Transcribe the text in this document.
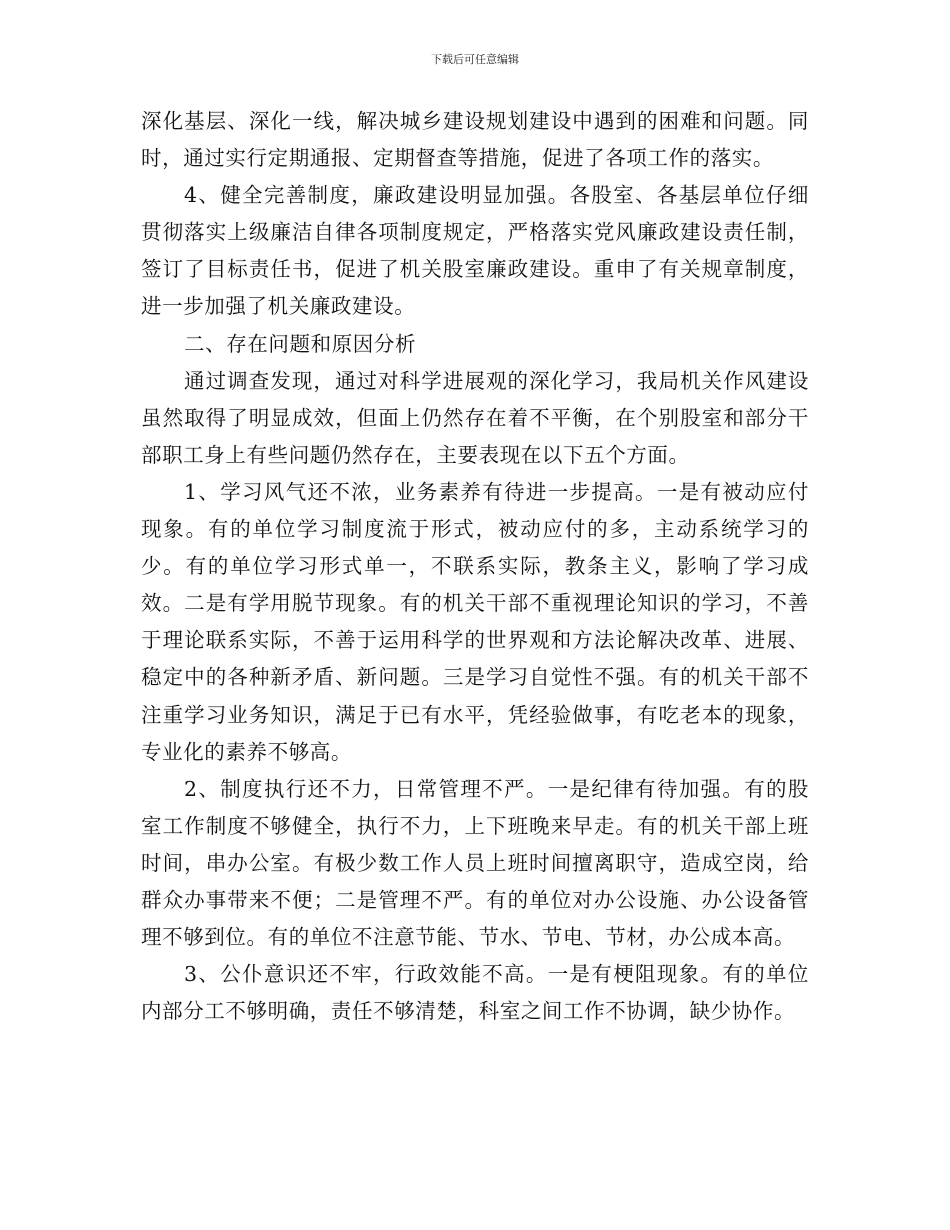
下载后可任意编辑

深化基层、深化一线，解决城乡建设规划建设中遇到的困难和问题。同时，通过实行定期通报、定期督查等措施，促进了各项工作的落实。

4、健全完善制度，廉政建设明显加强。各股室、各基层单位仔细贯彻落实上级廉洁自律各项制度规定，严格落实党风廉政建设责任制，签订了目标责任书，促进了机关股室廉政建设。重申了有关规章制度，进一步加强了机关廉政建设。

二、存在问题和原因分析

通过调查发现，通过对科学进展观的深化学习，我局机关作风建设虽然取得了明显成效，但面上仍然存在着不平衡，在个别股室和部分干部职工身上有些问题仍然存在，主要表现在以下五个方面。

1、学习风气还不浓，业务素养有待进一步提高。一是有被动应付现象。有的单位学习制度流于形式，被动应付的多，主动系统学习的少。有的单位学习形式单一，不联系实际，教条主义，影响了学习成效。二是有学用脱节现象。有的机关干部不重视理论知识的学习，不善于理论联系实际，不善于运用科学的世界观和方法论解决改革、进展、稳定中的各种新矛盾、新问题。三是学习自觉性不强。有的机关干部不注重学习业务知识，满足于已有水平，凭经验做事，有吃老本的现象，专业化的素养不够高。

2、制度执行还不力，日常管理不严。一是纪律有待加强。有的股室工作制度不够健全，执行不力，上下班晚来早走。有的机关干部上班时间，串办公室。有极少数工作人员上班时间擅离职守，造成空岗，给群众办事带来不便；二是管理不严。有的单位对办公设施、办公设备管理不够到位。有的单位不注意节能、节水、节电、节材，办公成本高。

3、公仆意识还不牢，行政效能不高。一是有梗阻现象。有的单位内部分工不够明确，责任不够清楚，科室之间工作不协调，缺少协作。
